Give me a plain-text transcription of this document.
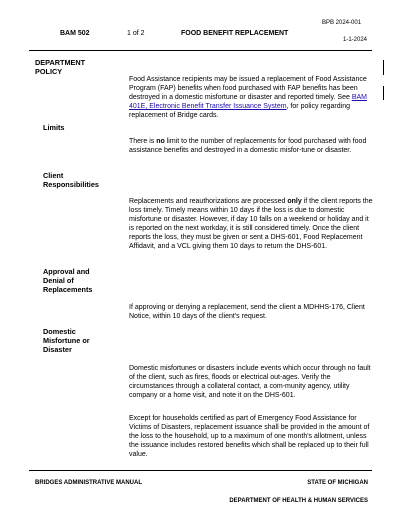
BAM 502	1 of 2	FOOD BENEFIT REPLACEMENT
BPB 2024-001
1-1-2024
DEPARTMENT
POLICY
Food Assistance recipients may be issued a replacement of Food Assistance Program (FAP) benefits when food purchased with FAP benefits has been destroyed in a domestic misfortune or disaster and reported timely. See BAM 401E, Electronic Benefit Transfer Issuance System, for policy regarding replacement of Bridge cards.
Limits
There is no limit to the number of replacements for food purchased with food assistance benefits and destroyed in a domestic misfor-tune or disaster.
Client
Responsibilities
Replacements and reauthorizations are processed only if the client reports the loss timely. Timely means within 10 days if the loss is due to domestic misfortune or disaster. However, if day 10 falls on a weekend or holiday and it is reported on the next workday, it is still considered timely. Once the client reports the loss, they must be given or sent a DHS-601, Food Replacement Affidavit, and a VCL giving them 10 days to return the DHS-601.
Approval and
Denial of
Replacements
If approving or denying a replacement, send the client a MDHHS-176, Client Notice, within 10 days of the client's request.
Domestic
Misfortune or
Disaster
Domestic misfortunes or disasters include events which occur through no fault of the client, such as fires, floods or electrical out-ages. Verify the circumstances through a collateral contact, a com-munity agency, utility company or a home visit, and note it on the DHS-601.
Except for households certified as part of Emergency Food Assistance for Victims of Disasters, replacement issuance shall be provided in the amount of the loss to the household, up to a maximum of one month's allotment, unless the issuance includes restored benefits which shall be replaced up to their full value.
BRIDGES ADMINISTRATIVE MANUAL	STATE OF MICHIGAN
DEPARTMENT OF HEALTH & HUMAN SERVICES
